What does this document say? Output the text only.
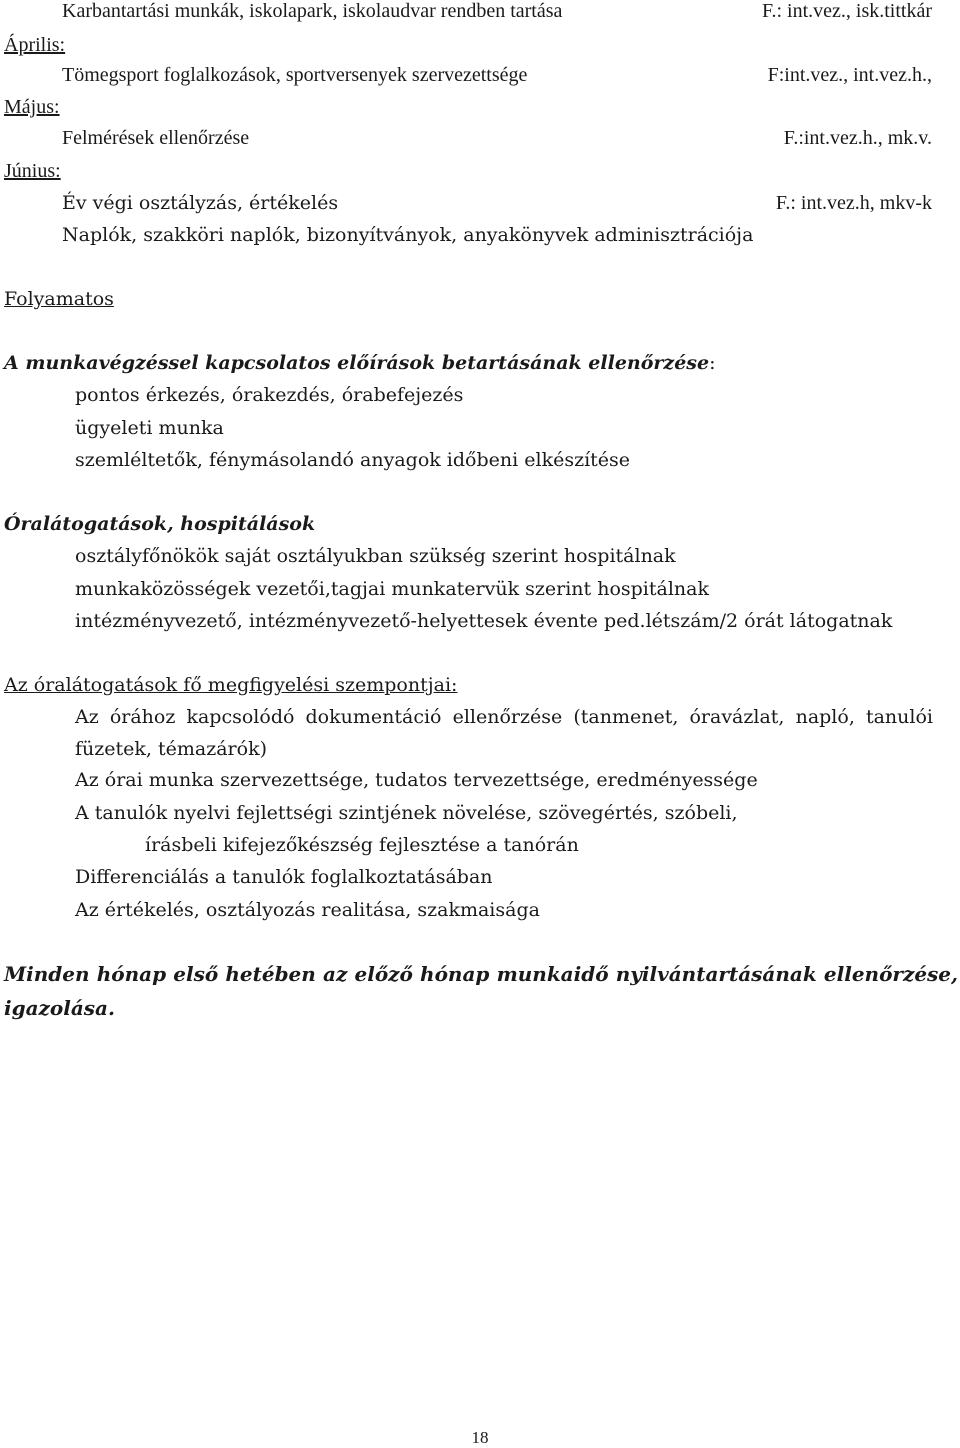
Karbantartási munkák, iskolapark, iskolaudvar rendben tartása	F.: int.vez., isk.tittkár
Április:
Tömegsport foglalkozások, sportversenyek szervezettsége	F:int.vez., int.vez.h.,
Május:
Felmérések ellenőrzése	F.:int.vez.h., mk.v.
Június:
Év végi osztályzás, értékelés	F.: int.vez.h, mkv-k
Naplók, szakköri naplók, bizonyítványok, anyakönyvek adminisztrációja
Folyamatos
A munkavégzéssel kapcsolatos előírások betartásának ellenőrzése:
pontos érkezés, órakezdés, órabefejezés
ügyeleti munka
szemléltetők, fénymásolandó anyagok időbeni elkészítése
Óralátogatások, hospitálások
osztályfőnökök saját osztályukban szükség szerint hospitálnak
munkaközösségek vezetői,tagjai munkatervük szerint hospitálnak
intézményvezető, intézményvezető-helyettesek évente ped.létszám/2 órát látogatnak
Az óralátogatások fő megfigyelési szempontjai:
Az órához kapcsolódó dokumentáció ellenőrzése (tanmenet, óravázlat, napló, tanulói füzetek, témazárók)
Az órai munka szervezettsége, tudatos tervezettsége, eredményessége
A tanulók nyelvi fejlettségi szintjének növelése, szövegértés, szóbeli,
írásbeli kifejezőkészség fejlesztése a tanórán
Differenciálás a tanulók foglalkoztatásában
Az értékelés, osztályozás realitása, szakmaisága
Minden hónap első hetében az előző hónap munkaidő nyilvántartásának ellenőrzése, igazolása.
18
